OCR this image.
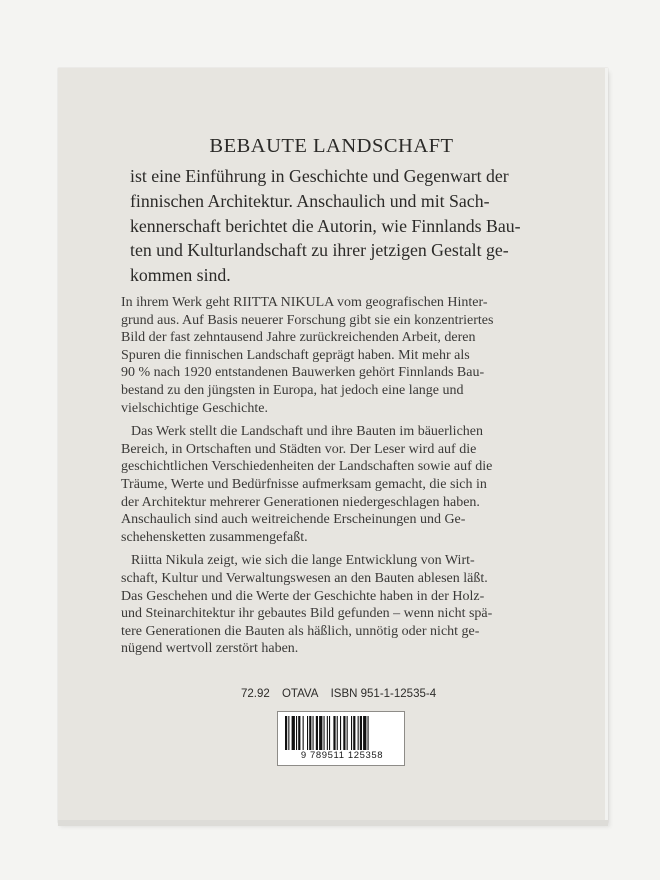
BEBAUTE LANDSCHAFT
ist eine Einführung in Geschichte und Gegenwart der
finnischen Architektur. Anschaulich und mit Sach-
kennerschaft berichtet die Autorin, wie Finnlands Bau-
ten und Kulturlandschaft zu ihrer jetzigen Gestalt ge-
kommen sind.

In ihrem Werk geht RIITTA NIKULA vom geografischen Hinter-
grund aus. Auf Basis neuerer Forschung gibt sie ein konzentriertes
Bild der fast zehntausend Jahre zurückreichenden Arbeit, deren
Spuren die finnischen Landschaft geprägt haben. Mit mehr als
90 % nach 1920 entstandenen Bauwerken gehört Finnlands Bau-
bestand zu den jüngsten in Europa, hat jedoch eine lange und
vielschichtige Geschichte.

Das Werk stellt die Landschaft und ihre Bauten im bäuerlichen
Bereich, in Ortschaften und Städten vor. Der Leser wird auf die
geschichtlichen Verschiedenheiten der Landschaften sowie auf die
Träume, Werte und Bedürfnisse aufmerksam gemacht, die sich in
der Architektur mehrerer Generationen niedergeschlagen haben.
Anschaulich sind auch weitreichende Erscheinungen und Ge-
schehensketten zusammengefaßt.

Riitta Nikula zeigt, wie sich die lange Entwicklung von Wirt-
schaft, Kultur und Verwaltungswesen an den Bauten ablesen läßt.
Das Geschehen und die Werte der Geschichte haben in der Holz-
und Steinarchitektur ihr gebautes Bild gefunden – wenn nicht spä-
tere Generationen die Bauten als häßlich, unnötig oder nicht ge-
nügend wertvoll zerstört haben.

72.92 OTAVA ISBN 951-1-12535-4
9 789511 125358
